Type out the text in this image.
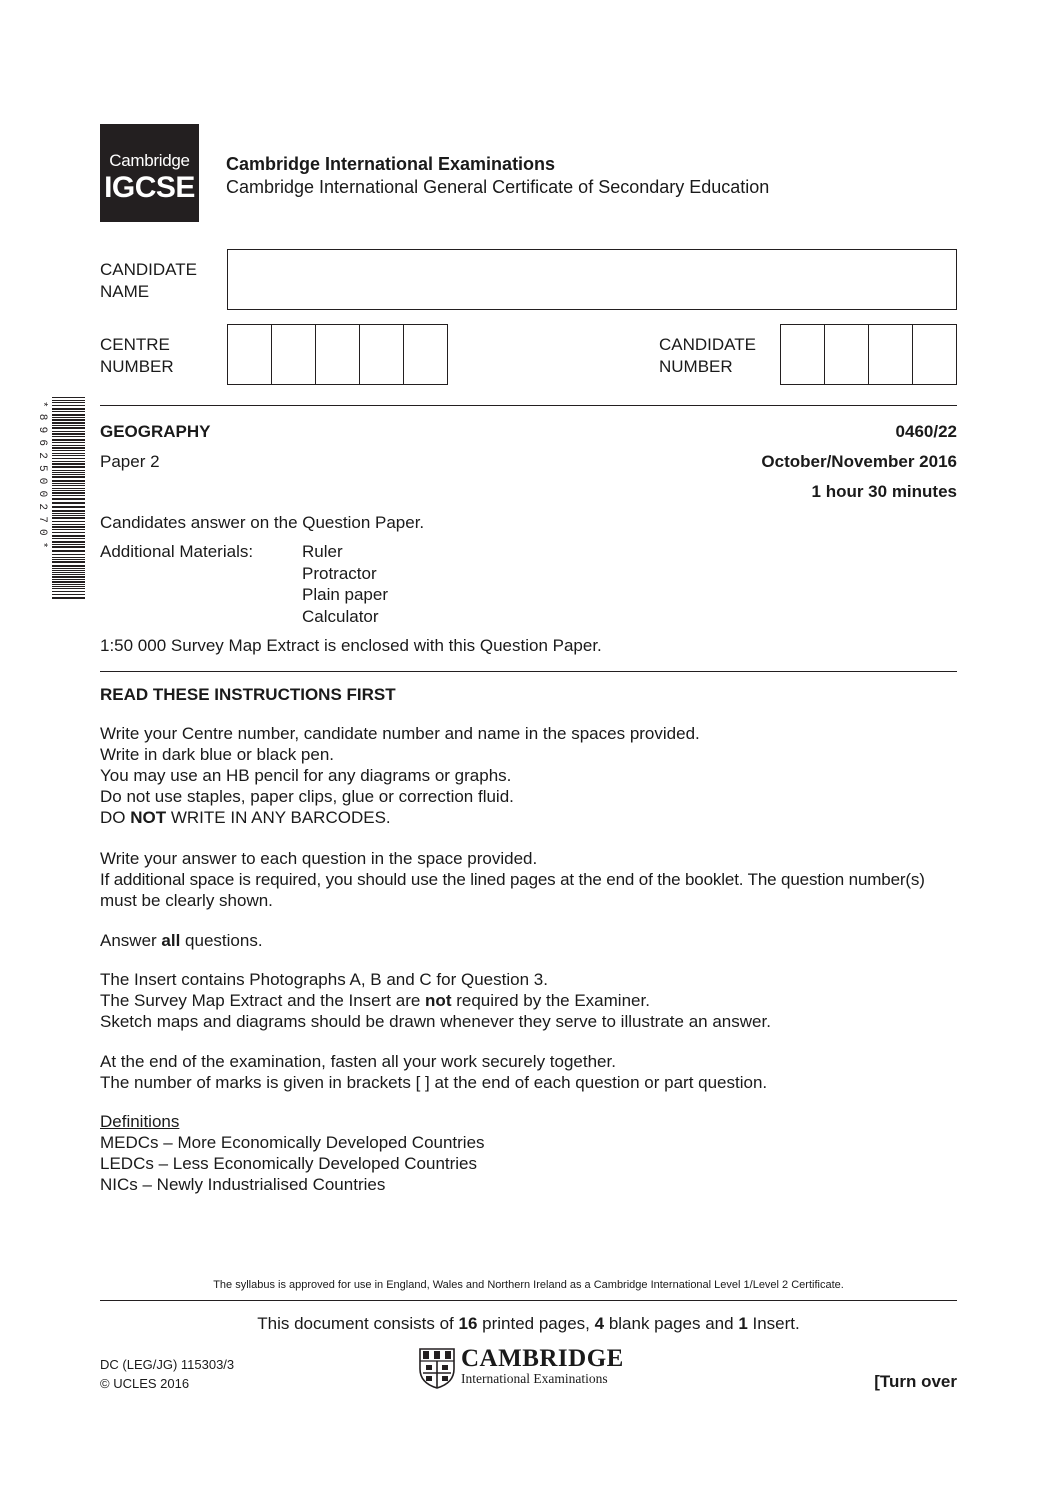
Cambridge
IGCSE
Cambridge International Examinations
Cambridge International General Certificate of Secondary Education
CANDIDATE
NAME
CENTRE
NUMBER
CANDIDATE
NUMBER
*8962500270*	GEOGRAPHY	0460/22
Paper 2	October/November 2016
1 hour 30 minutes
Candidates answer on the Question Paper.
Additional Materials:	Ruler
Protractor
Plain paper
Calculator
1:50 000 Survey Map Extract is enclosed with this Question Paper.
READ THESE INSTRUCTIONS FIRST
Write your Centre number, candidate number and name in the spaces provided.
Write in dark blue or black pen.
You may use an HB pencil for any diagrams or graphs.
Do not use staples, paper clips, glue or correction fluid.
DO NOT WRITE IN ANY BARCODES.
Write your answer to each question in the space provided.
If additional space is required, you should use the lined pages at the end of the booklet. The question number(s)
must be clearly shown.
Answer all questions.
The Insert contains Photographs A, B and C for Question 3.
The Survey Map Extract and the Insert are not required by the Examiner.
Sketch maps and diagrams should be drawn whenever they serve to illustrate an answer.
At the end of the examination, fasten all your work securely together.
The number of marks is given in brackets [ ] at the end of each question or part question.
Definitions
MEDCs – More Economically Developed Countries
LEDCs – Less Economically Developed Countries
NICs – Newly Industrialised Countries
The syllabus is approved for use in England, Wales and Northern Ireland as a Cambridge International Level 1/Level 2 Certificate.
This document consists of 16 printed pages, 4 blank pages and 1 Insert.
DC (LEG/JG) 115303/3
© UCLES 2016
CAMBRIDGE
International Examinations	[Turn over
